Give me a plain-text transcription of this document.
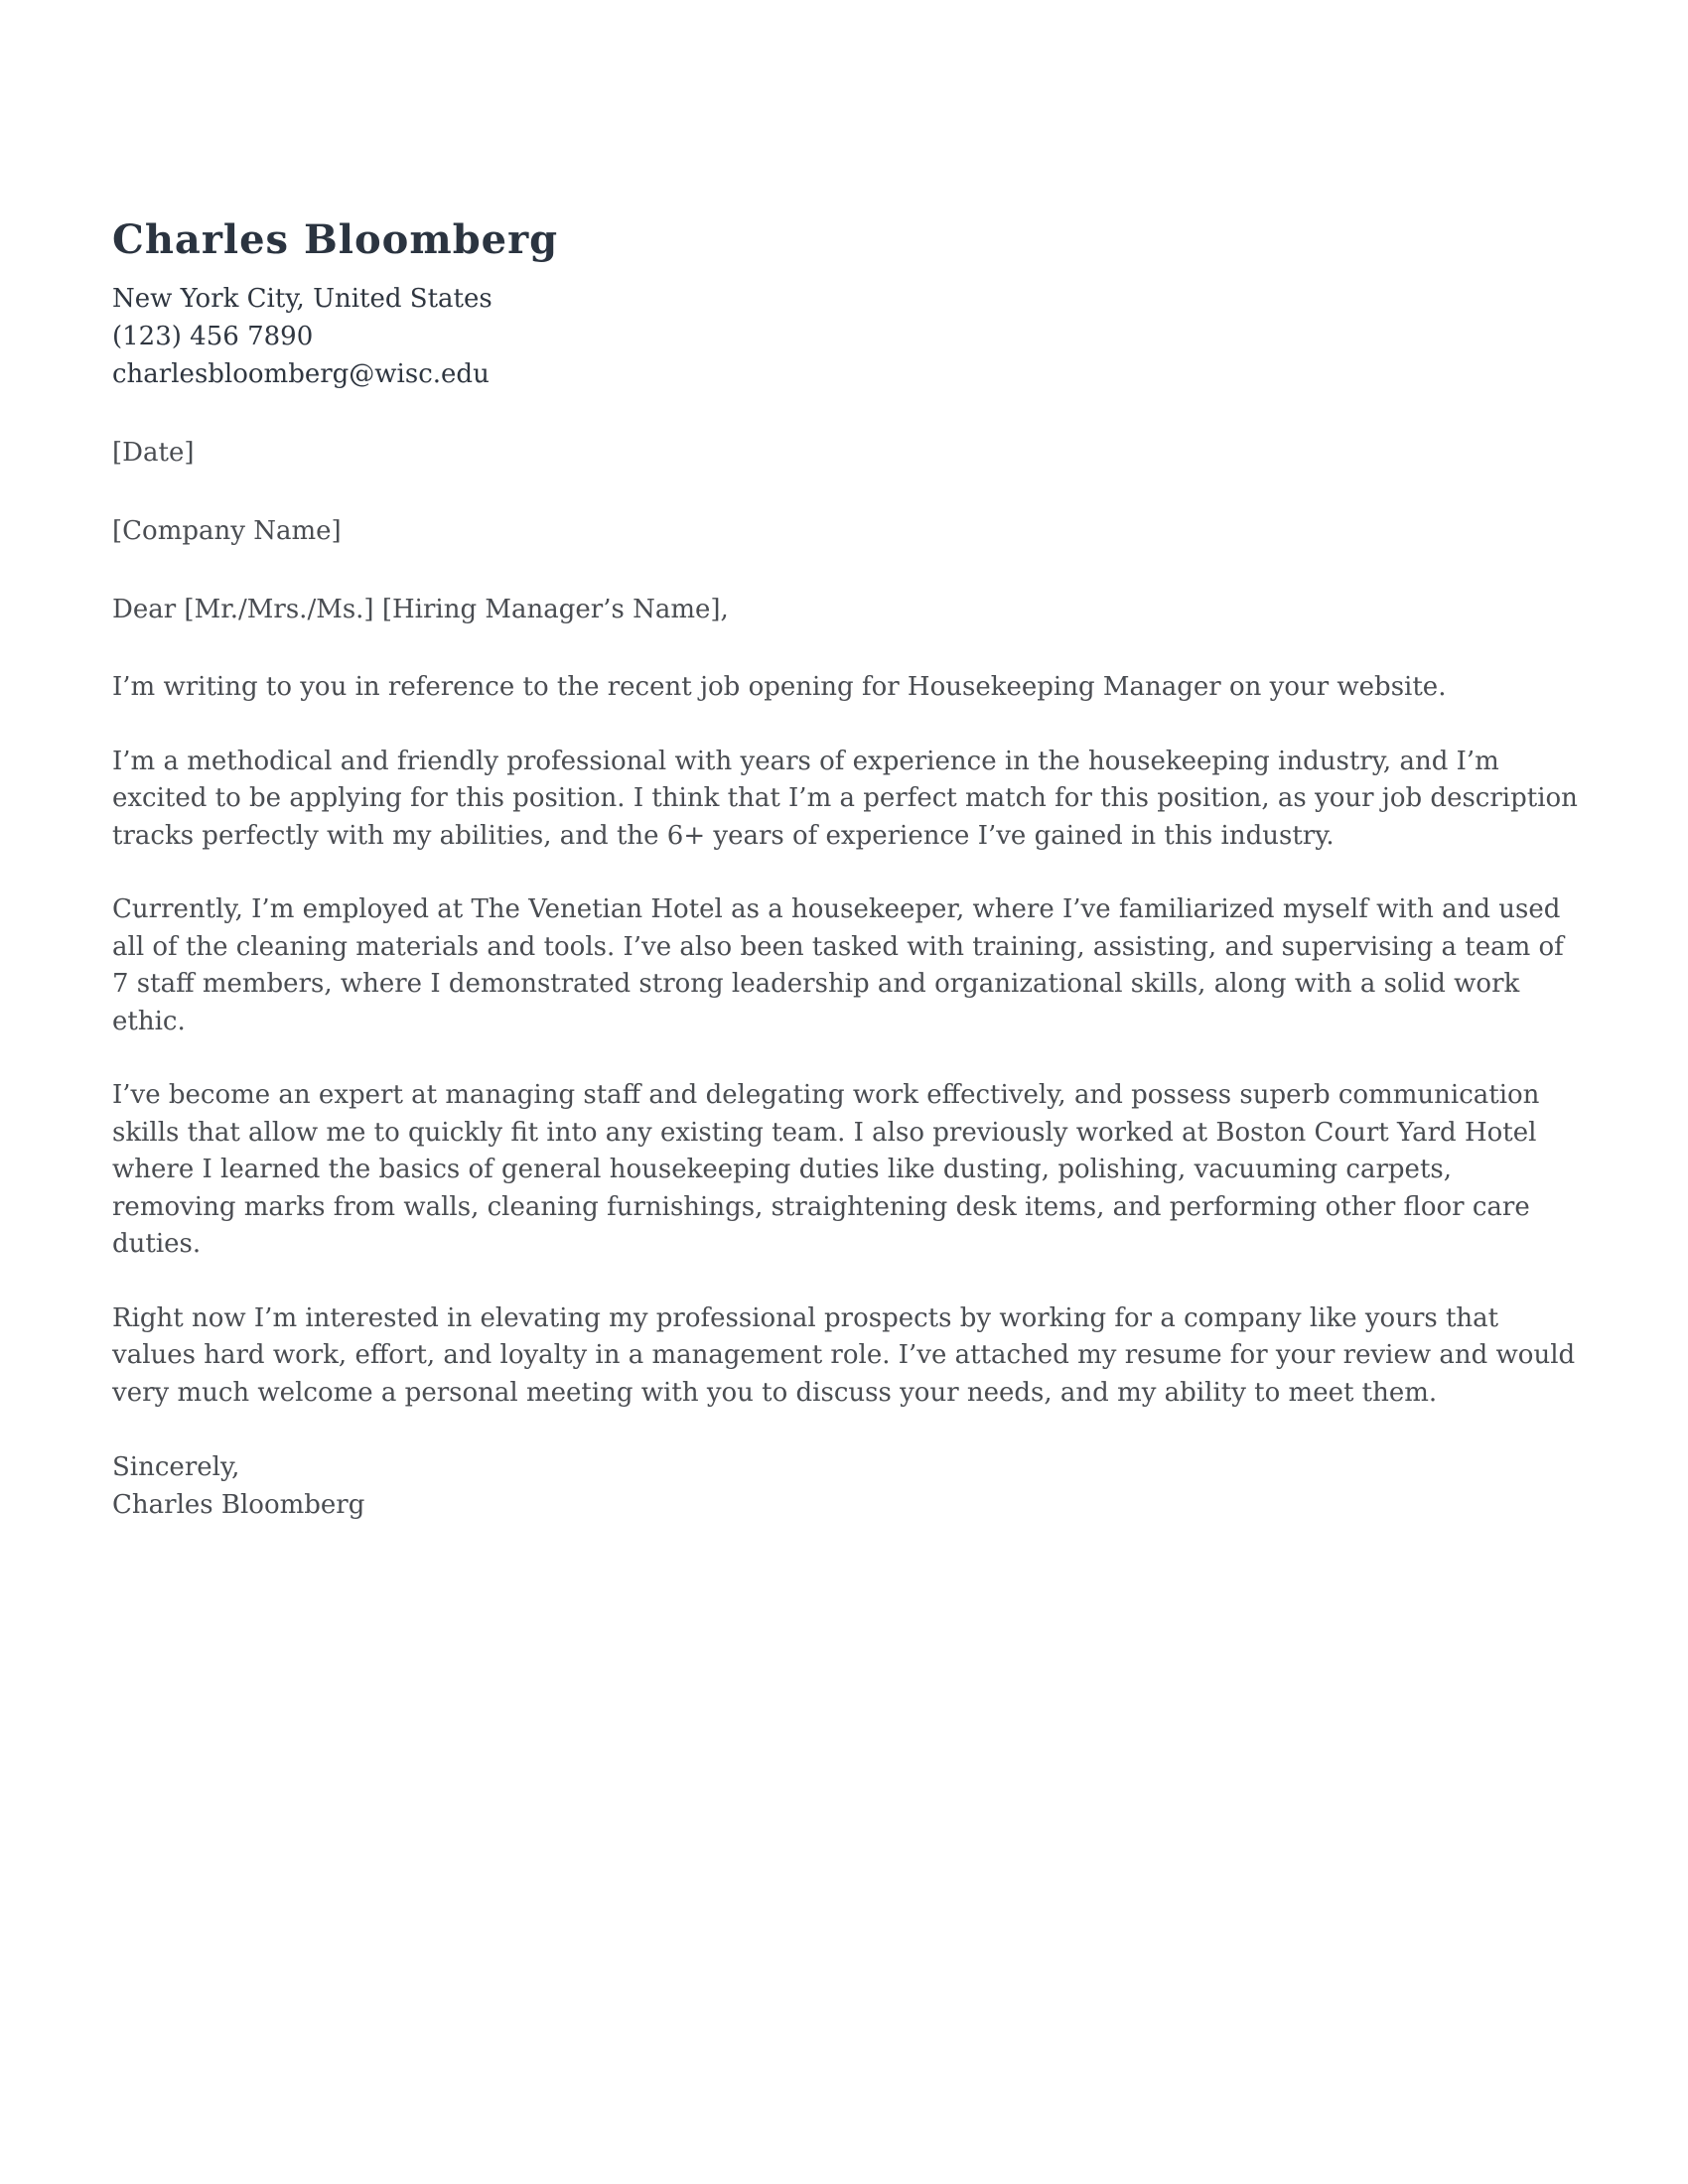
Charles Bloomberg
New York City, United States
(123) 456 7890
charlesbloomberg@wisc.edu
[Date]
[Company Name]
Dear [Mr./Mrs./Ms.] [Hiring Manager’s Name],

I’m writing to you in reference to the recent job opening for Housekeeping Manager on your website.

I’m a methodical and friendly professional with years of experience in the housekeeping industry, and I’m excited to be applying for this position. I think that I’m a perfect match for this position, as your job description tracks perfectly with my abilities, and the 6+ years of experience I’ve gained in this industry.

Currently, I’m employed at The Venetian Hotel as a housekeeper, where I’ve familiarized myself with and used all of the cleaning materials and tools. I’ve also been tasked with training, assisting, and supervising a team of 7 staff members, where I demonstrated strong leadership and organizational skills, along with a solid work ethic.

I’ve become an expert at managing staff and delegating work effectively, and possess superb communication skills that allow me to quickly fit into any existing team. I also previously worked at Boston Court Yard Hotel where I learned the basics of general housekeeping duties like dusting, polishing, vacuuming carpets, removing marks from walls, cleaning furnishings, straightening desk items, and performing other floor care duties.

Right now I’m interested in elevating my professional prospects by working for a company like yours that values hard work, effort, and loyalty in a management role. I’ve attached my resume for your review and would very much welcome a personal meeting with you to discuss your needs, and my ability to meet them.

Sincerely,
Charles Bloomberg
